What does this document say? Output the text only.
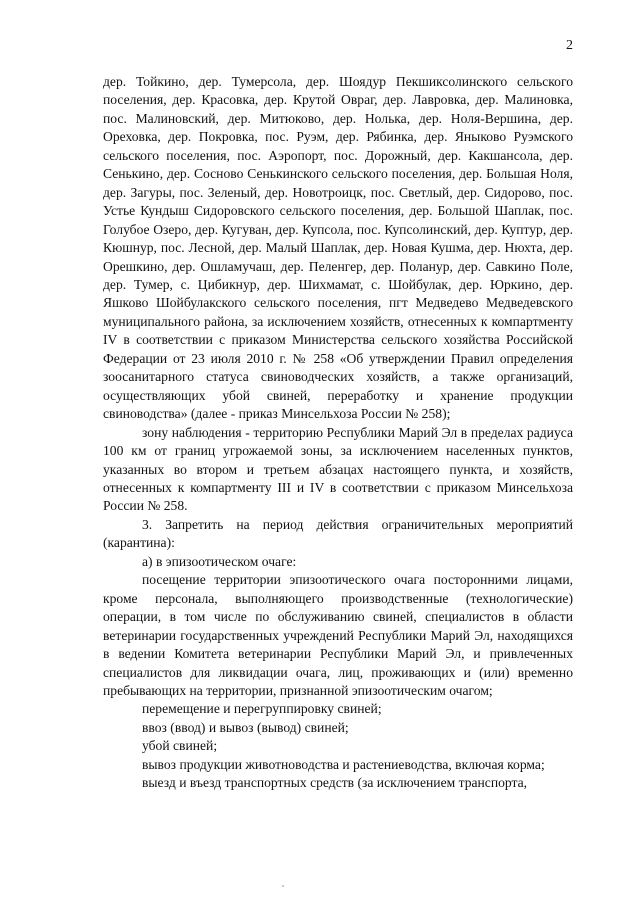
2

дер. Тойкино, дер. Тумерсола, дер. Шоядур Пекшиксолинского сельского поселения, дер. Красовка, дер. Крутой Овраг, дер. Лавровка, дер. Малиновка, пос. Малиновский, дер. Митюково, дер. Нолька, дер. Ноля-Вершина, дер. Ореховка, дер. Покровка, пос. Руэм, дер. Рябинка, дер. Яныково Руэмского сельского поселения, пос. Аэропорт, пос. Дорожный, дер. Какшансола, дер. Сенькино, дер. Сосново Сенькинского сельского поселения, дер. Большая Ноля, дер. Загуры, пос. Зеленый, дер. Новотроицк, пос. Светлый, дер. Сидорово, пос. Устье Кундыш Сидоровского сельского поселения, дер. Большой Шаплак, пос. Голубое Озеро, дер. Кугуван, дер. Купсола, пос. Купсолинский, дер. Куптур, дер. Кюшнур, пос. Лесной, дер. Малый Шаплак, дер. Новая Кушма, дер. Нюхта, дер. Орешкино, дер. Ошламучаш, дер. Пеленгер, дер. Поланур, дер. Савкино Поле, дер. Тумер, с. Цибикнур, дер. Шихмамат, с. Шойбулак, дер. Юркино, дер. Яшково Шойбулакского сельского поселения, пгт Медведево Медведевского муниципального района, за исключением хозяйств, отнесенных к компартменту IV в соответствии с приказом Министерства сельского хозяйства Российской Федерации от 23 июля 2010 г. № 258 «Об утверждении Правил определения зоосанитарного статуса свиноводческих хозяйств, а также организаций, осуществляющих убой свиней, переработку и хранение продукции свиноводства» (далее - приказ Минсельхоза России № 258);

зону наблюдения - территорию Республики Марий Эл в пределах радиуса 100 км от границ угрожаемой зоны, за исключением населенных пунктов, указанных во втором и третьем абзацах настоящего пункта, и хозяйств, отнесенных к компартменту III и IV в соответствии с приказом Минсельхоза России № 258.

3. Запретить на период действия ограничительных мероприятий (карантина):

а) в эпизоотическом очаге:

посещение территории эпизоотического очага посторонними лицами, кроме персонала, выполняющего производственные (технологические) операции, в том числе по обслуживанию свиней, специалистов в области ветеринарии государственных учреждений Республики Марий Эл, находящихся в ведении Комитета ветеринарии Республики Марий Эл, и привлеченных специалистов для ликвидации очага, лиц, проживающих и (или) временно пребывающих на территории, признанной эпизоотическим очагом;

перемещение и перегруппировку свиней;

ввоз (ввод) и вывоз (вывод) свиней;

убой свиней;

вывоз продукции животноводства и растениеводства, включая корма;

выезд и въезд транспортных средств (за исключением транспорта,
